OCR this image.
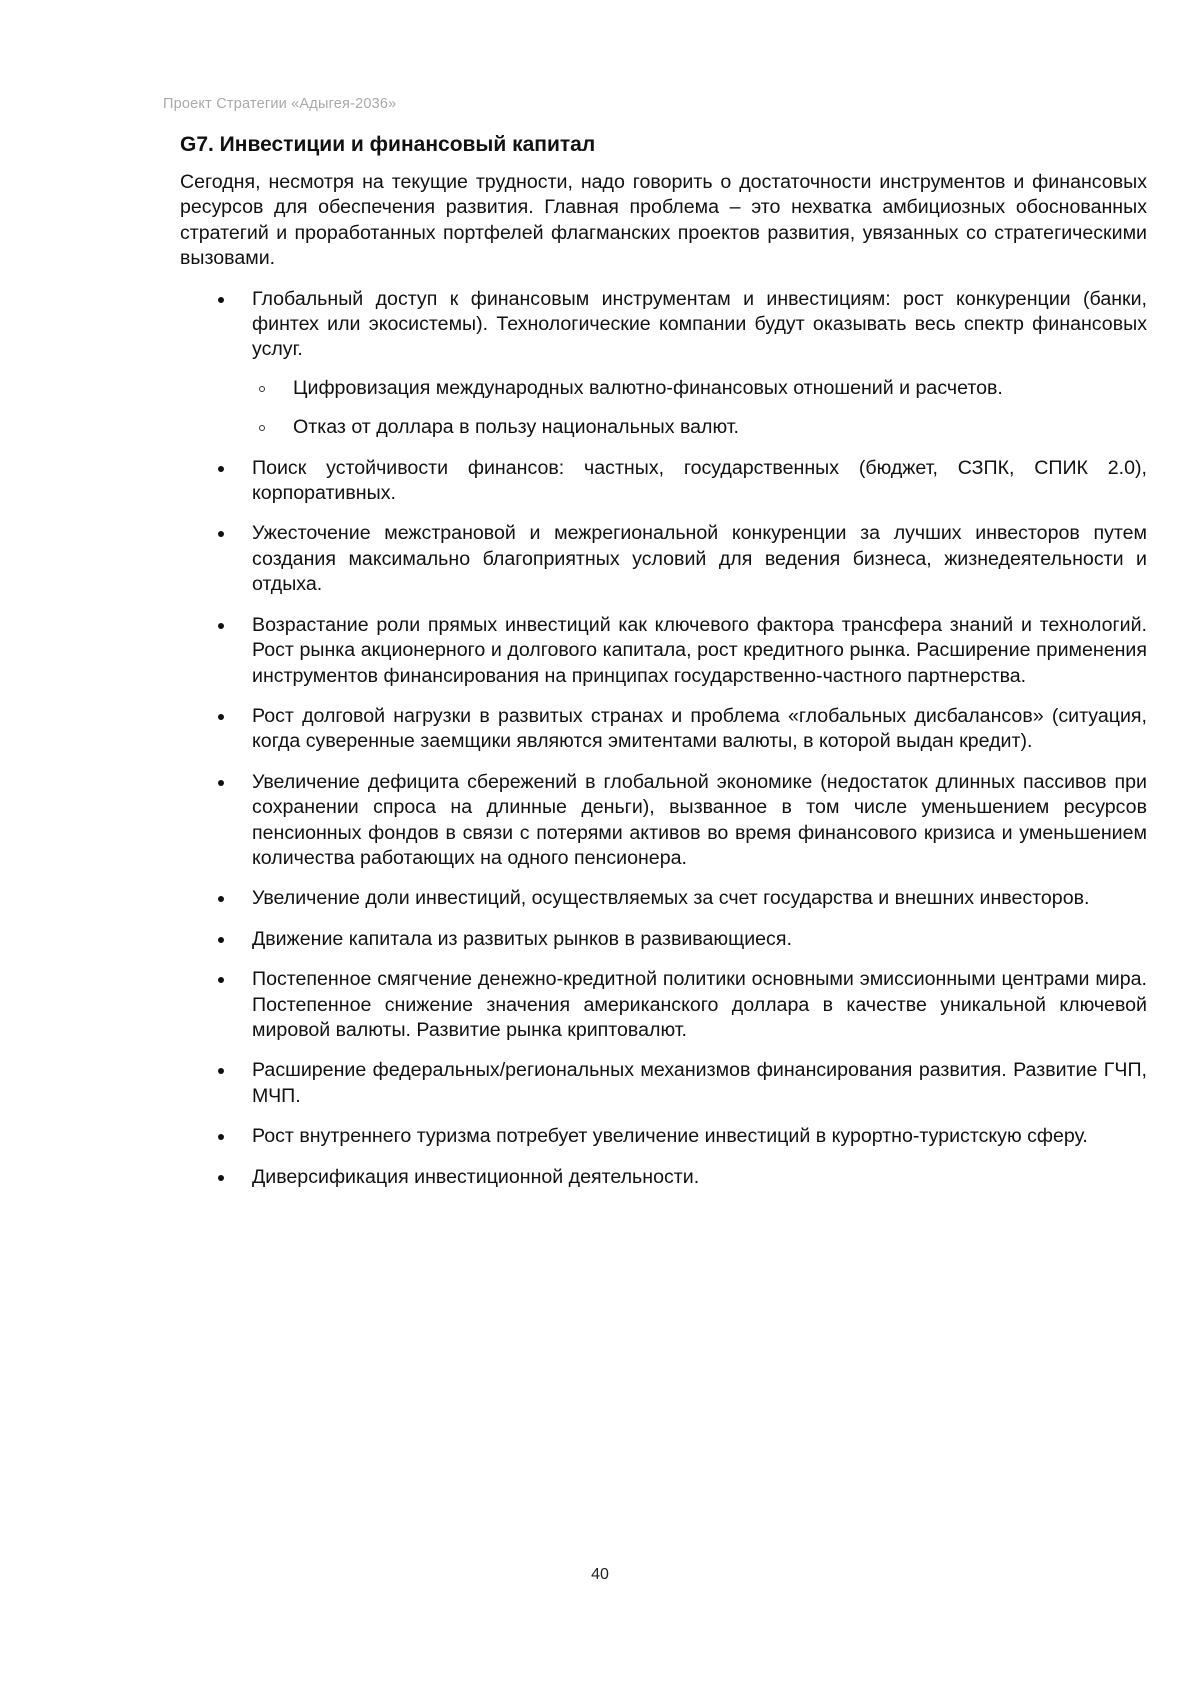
Проект Стратегии «Адыгея-2036»
G7. Инвестиции и финансовый капитал
Сегодня, несмотря на текущие трудности, надо говорить о достаточности инструментов и финансовых ресурсов для обеспечения развития. Главная проблема – это нехватка амбициозных обоснованных стратегий и проработанных портфелей флагманских проектов развития, увязанных со стратегическими вызовами.
Глобальный доступ к финансовым инструментам и инвестициям: рост конкуренции (банки, финтех или экосистемы). Технологические компании будут оказывать весь спектр финансовых услуг.
Цифровизация международных валютно-финансовых отношений и расчетов.
Отказ от доллара в пользу национальных валют.
Поиск устойчивости финансов: частных, государственных (бюджет, СЗПК, СПИК 2.0), корпоративных.
Ужесточение межстрановой и межрегиональной конкуренции за лучших инвесторов путем создания максимально благоприятных условий для ведения бизнеса, жизнедеятельности и отдыха.
Возрастание роли прямых инвестиций как ключевого фактора трансфера знаний и технологий. Рост рынка акционерного и долгового капитала, рост кредитного рынка. Расширение применения инструментов финансирования на принципах государственно-частного партнерства.
Рост долговой нагрузки в развитых странах и проблема «глобальных дисбалансов» (ситуация, когда суверенные заемщики являются эмитентами валюты, в которой выдан кредит).
Увеличение дефицита сбережений в глобальной экономике (недостаток длинных пассивов при сохранении спроса на длинные деньги), вызванное в том числе уменьшением ресурсов пенсионных фондов в связи с потерями активов во время финансового кризиса и уменьшением количества работающих на одного пенсионера.
Увеличение доли инвестиций, осуществляемых за счет государства и внешних инвесторов.
Движение капитала из развитых рынков в развивающиеся.
Постепенное смягчение денежно-кредитной политики основными эмиссионными центрами мира. Постепенное снижение значения американского доллара в качестве уникальной ключевой мировой валюты. Развитие рынка криптовалют.
Расширение федеральных/региональных механизмов финансирования развития. Развитие ГЧП, МЧП.
Рост внутреннего туризма потребует увеличение инвестиций в курортно-туристскую сферу.
Диверсификация инвестиционной деятельности.
40
